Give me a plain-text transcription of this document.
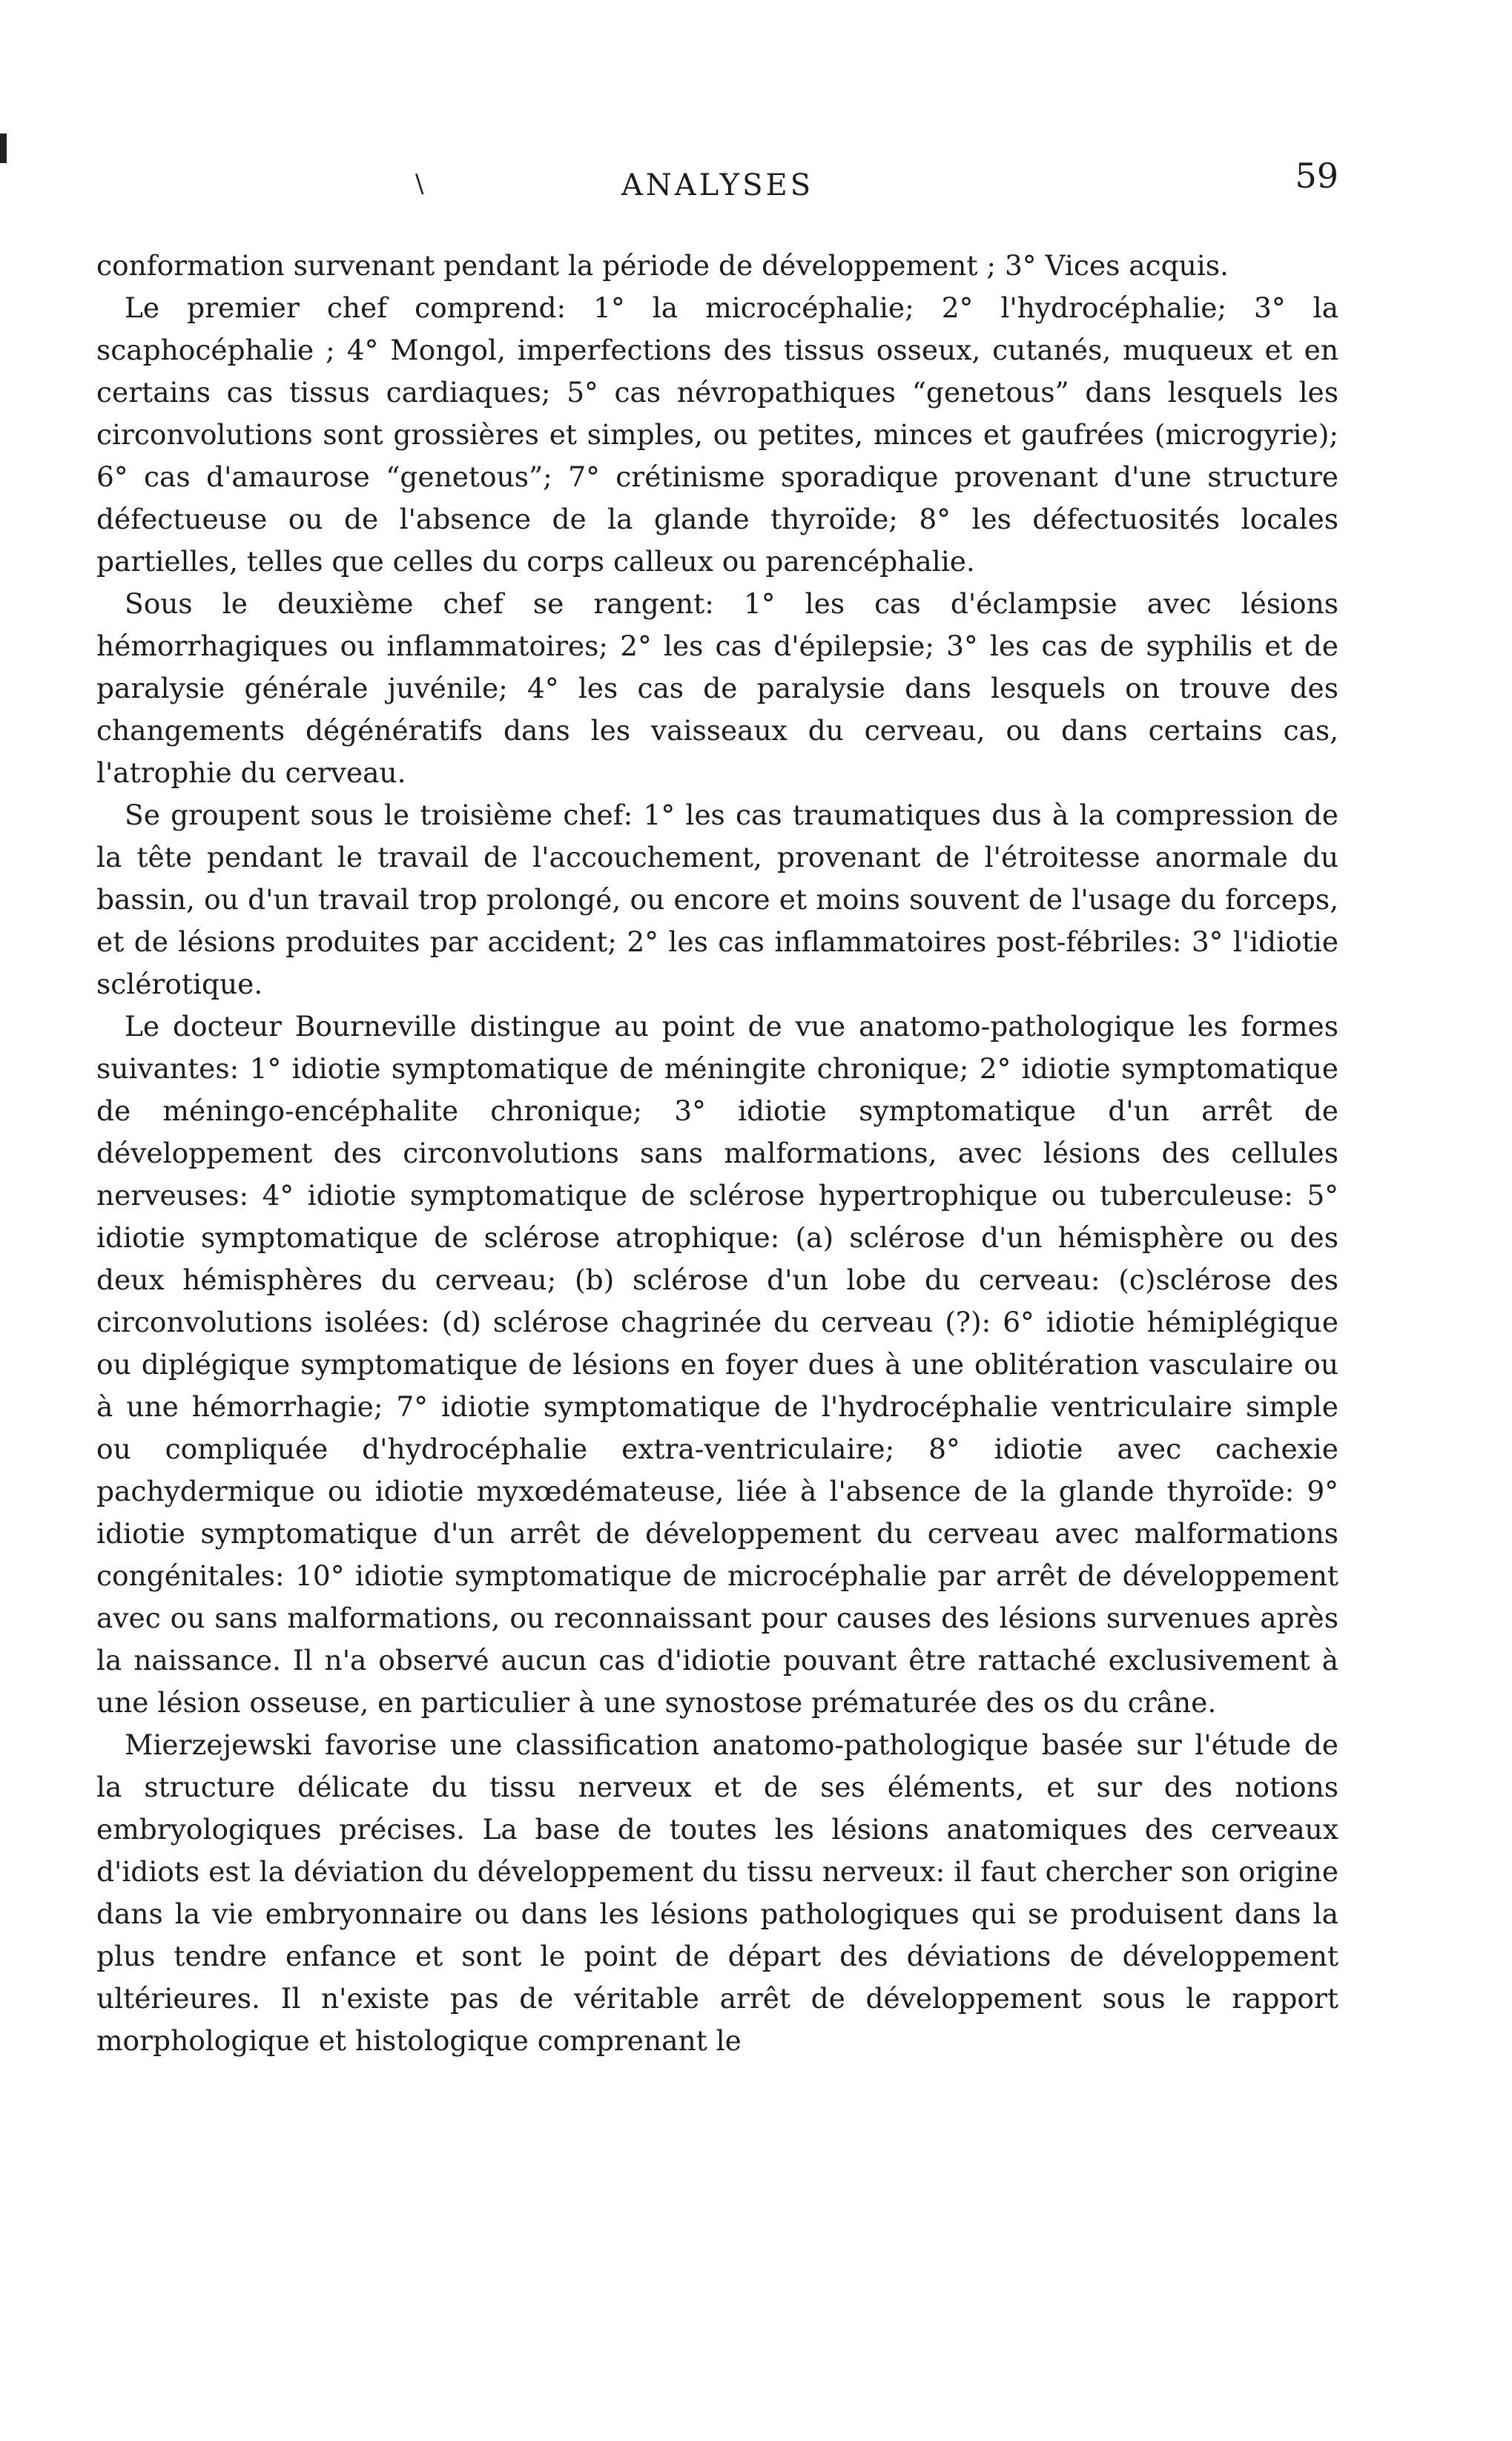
\	ANALYSES	59

conformation survenant pendant la période de développement ; 3° Vices acquis.

Le premier chef comprend: 1° la microcéphalie; 2° l'hydrocéphalie; 3° la scaphocéphalie ; 4° Mongol, imperfections des tissus osseux, cutanés, muqueux et en certains cas tissus cardiaques; 5° cas névropathiques “genetous” dans lesquels les circonvolutions sont grossières et simples, ou petites, minces et gaufrées (microgyrie); 6° cas d'amaurose “genetous”; 7° crétinisme sporadique provenant d'une structure défectueuse ou de l'absence de la glande thyroïde; 8° les défectuosités locales partielles, telles que celles du corps calleux ou parencéphalie.

Sous le deuxième chef se rangent: 1° les cas d'éclampsie avec lésions hémorrhagiques ou inflammatoires; 2° les cas d'épilepsie; 3° les cas de syphilis et de paralysie générale juvénile; 4° les cas de paralysie dans lesquels on trouve des changements dégénératifs dans les vaisseaux du cerveau, ou dans certains cas, l'atrophie du cerveau.

Se groupent sous le troisième chef: 1° les cas traumatiques dus à la compression de la tête pendant le travail de l'accouchement, provenant de l'étroitesse anormale du bassin, ou d'un travail trop prolongé, ou encore et moins souvent de l'usage du forceps, et de lésions produites par accident; 2° les cas inflammatoires post-fébriles: 3° l'idiotie sclérotique.

Le docteur Bourneville distingue au point de vue anatomo-pathologique les formes suivantes: 1° idiotie symptomatique de méningite chronique; 2° idiotie symptomatique de méningo-encéphalite chronique; 3° idiotie symptomatique d'un arrêt de développement des circonvolutions sans malformations, avec lésions des cellules nerveuses: 4° idiotie symptomatique de sclérose hypertrophique ou tuberculeuse: 5° idiotie symptomatique de sclérose atrophique: (a) sclérose d'un hémisphère ou des deux hémisphères du cerveau; (b) sclérose d'un lobe du cerveau: (c)sclérose des circonvolutions isolées: (d) sclérose chagrinée du cerveau (?): 6° idiotie hémiplégique ou diplégique symptomatique de lésions en foyer dues à une oblitération vasculaire ou à une hémorrhagie; 7° idiotie symptomatique de l'hydrocéphalie ventriculaire simple ou compliquée d'hydrocéphalie extra-ventriculaire; 8° idiotie avec cachexie pachydermique ou idiotie myxœdémateuse, liée à l'absence de la glande thyroïde: 9° idiotie symptomatique d'un arrêt de développement du cerveau avec malformations congénitales: 10° idiotie symptomatique de microcéphalie par arrêt de développement avec ou sans malformations, ou reconnaissant pour causes des lésions survenues après la naissance. Il n'a observé aucun cas d'idiotie pouvant être rattaché exclusivement à une lésion osseuse, en particulier à une synostose prématurée des os du crâne.

Mierzejewski favorise une classification anatomo-pathologique basée sur l'étude de la structure délicate du tissu nerveux et de ses éléments, et sur des notions embryologiques précises. La base de toutes les lésions anatomiques des cerveaux d'idiots est la déviation du développement du tissu nerveux: il faut chercher son origine dans la vie embryonnaire ou dans les lésions pathologiques qui se produisent dans la plus tendre enfance et sont le point de départ des déviations de développement ultérieures. Il n'existe pas de véritable arrêt de développement sous le rapport morphologique et histologique comprenant le
